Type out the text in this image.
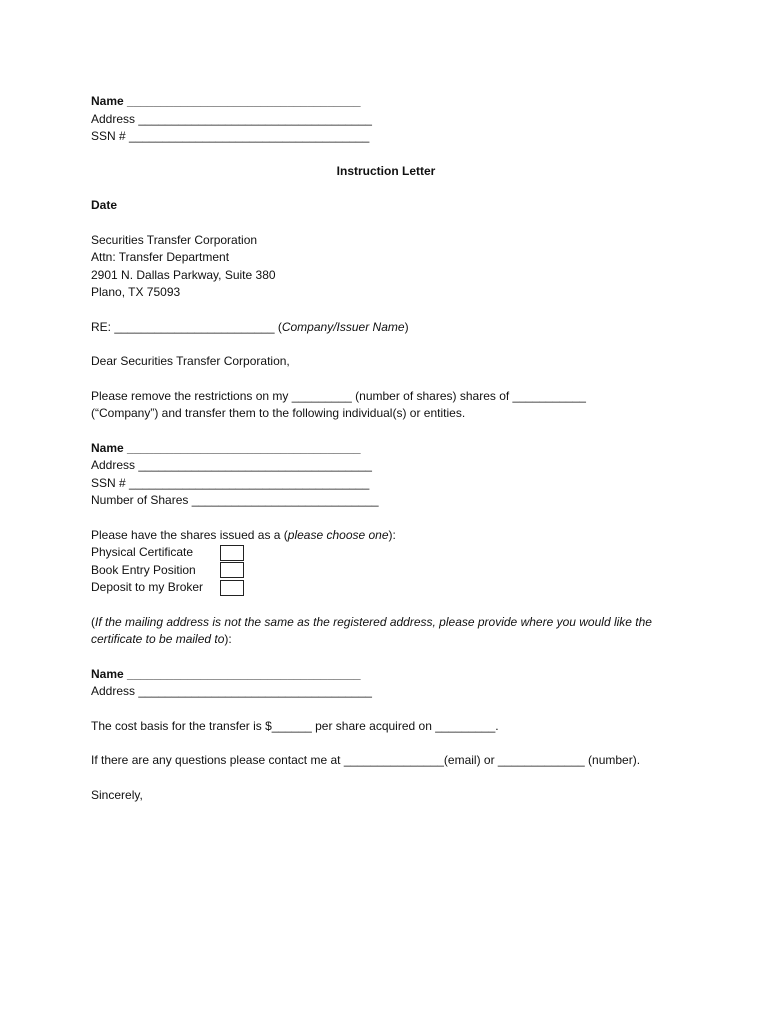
Name ___________________________________
Address ___________________________________
SSN # ____________________________________
Instruction Letter
Date
Securities Transfer Corporation
Attn: Transfer Department
2901 N. Dallas Parkway, Suite 380
Plano, TX 75093
RE: ________________________ (Company/Issuer Name)
Dear Securities Transfer Corporation,
Please remove the restrictions on my _________ (number of shares) shares of ___________
(“Company”) and transfer them to the following individual(s) or entities.
Name ___________________________________
Address ___________________________________
SSN # ____________________________________
Number of Shares ____________________________
Please have the shares issued as a (please choose one):
Physical Certificate
Book Entry Position
Deposit to my Broker
(If the mailing address is not the same as the registered address, please provide where you would like the
certificate to be mailed to):
Name ___________________________________
Address ___________________________________
The cost basis for the transfer is $______ per share acquired on _________.
If there are any questions please contact me at _______________(email) or _____________ (number).
Sincerely,
